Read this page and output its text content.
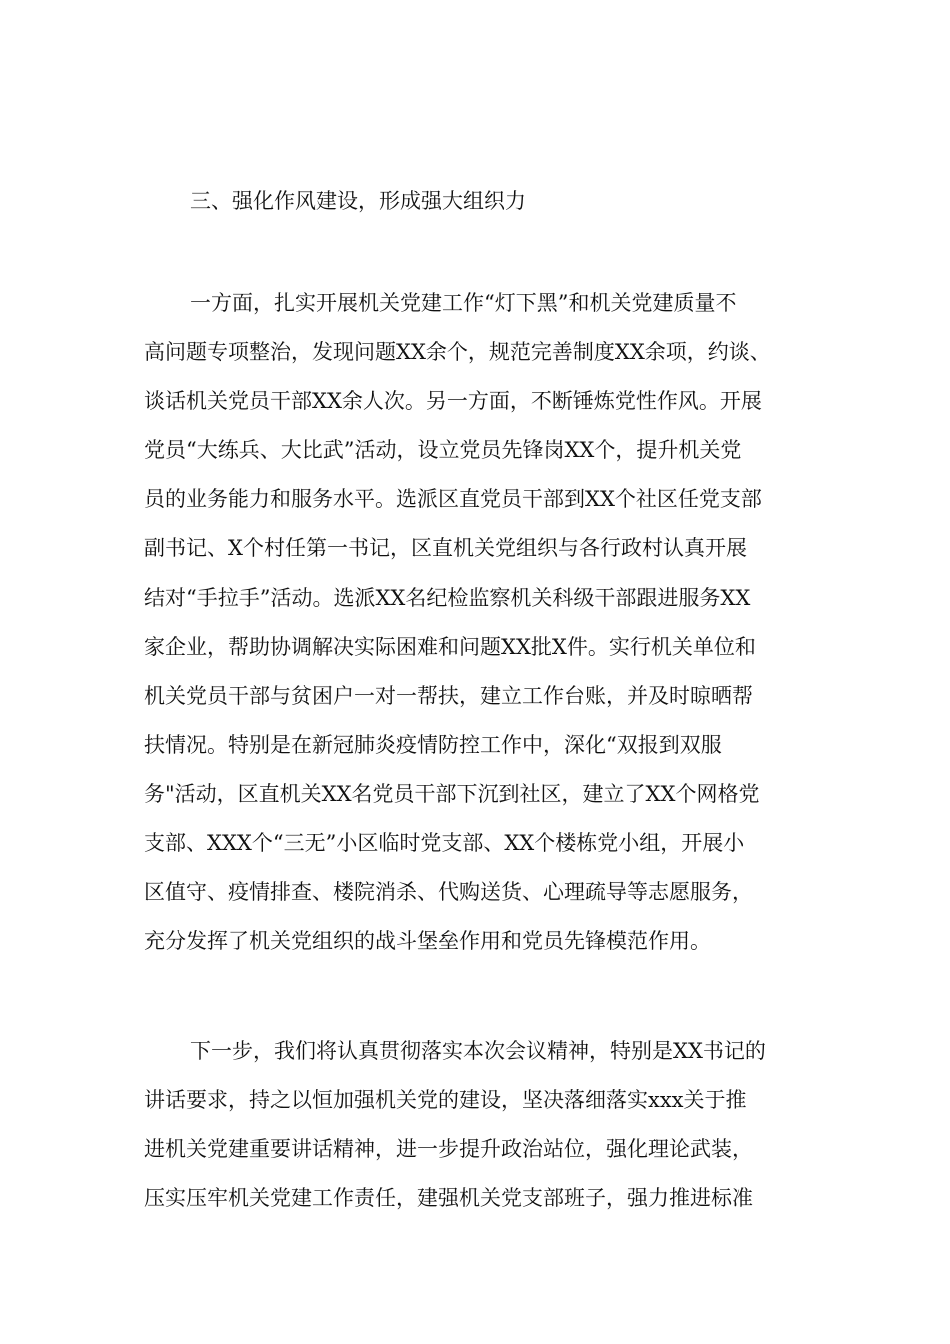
三、强化作风建设，形成强大组织力
一方面，扎实开展机关党建工作“灯下黑”和机关党建质量不
高问题专项整治，发现问题XX余个，规范完善制度XX余项，约谈、
谈话机关党员干部XX余人次。另一方面，不断锤炼党性作风。开展
党员“大练兵、大比武”活动，设立党员先锋岗XX个，提升机关党
员的业务能力和服务水平。选派区直党员干部到XX个社区任党支部
副书记、X个村任第一书记，区直机关党组织与各行政村认真开展
结对“手拉手”活动。选派XX名纪检监察机关科级干部跟进服务XX
家企业，帮助协调解决实际困难和问题XX批X件。实行机关单位和
机关党员干部与贫困户一对一帮扶，建立工作台账，并及时晾晒帮
扶情况。特别是在新冠肺炎疫情防控工作中，深化“双报到双服
务"活动，区直机关XX名党员干部下沉到社区，建立了XX个网格党
支部、XXX个“三无”小区临时党支部、XX个楼栋党小组，开展小
区值守、疫情排查、楼院消杀、代购送货、心理疏导等志愿服务，
充分发挥了机关党组织的战斗堡垒作用和党员先锋模范作用。
下一步，我们将认真贯彻落实本次会议精神，特别是XX书记的
讲话要求，持之以恒加强机关党的建设，坚决落细落实xxx关于推
进机关党建重要讲话精神，进一步提升政治站位，强化理论武装，
压实压牢机关党建工作责任，建强机关党支部班子，强力推进标准
